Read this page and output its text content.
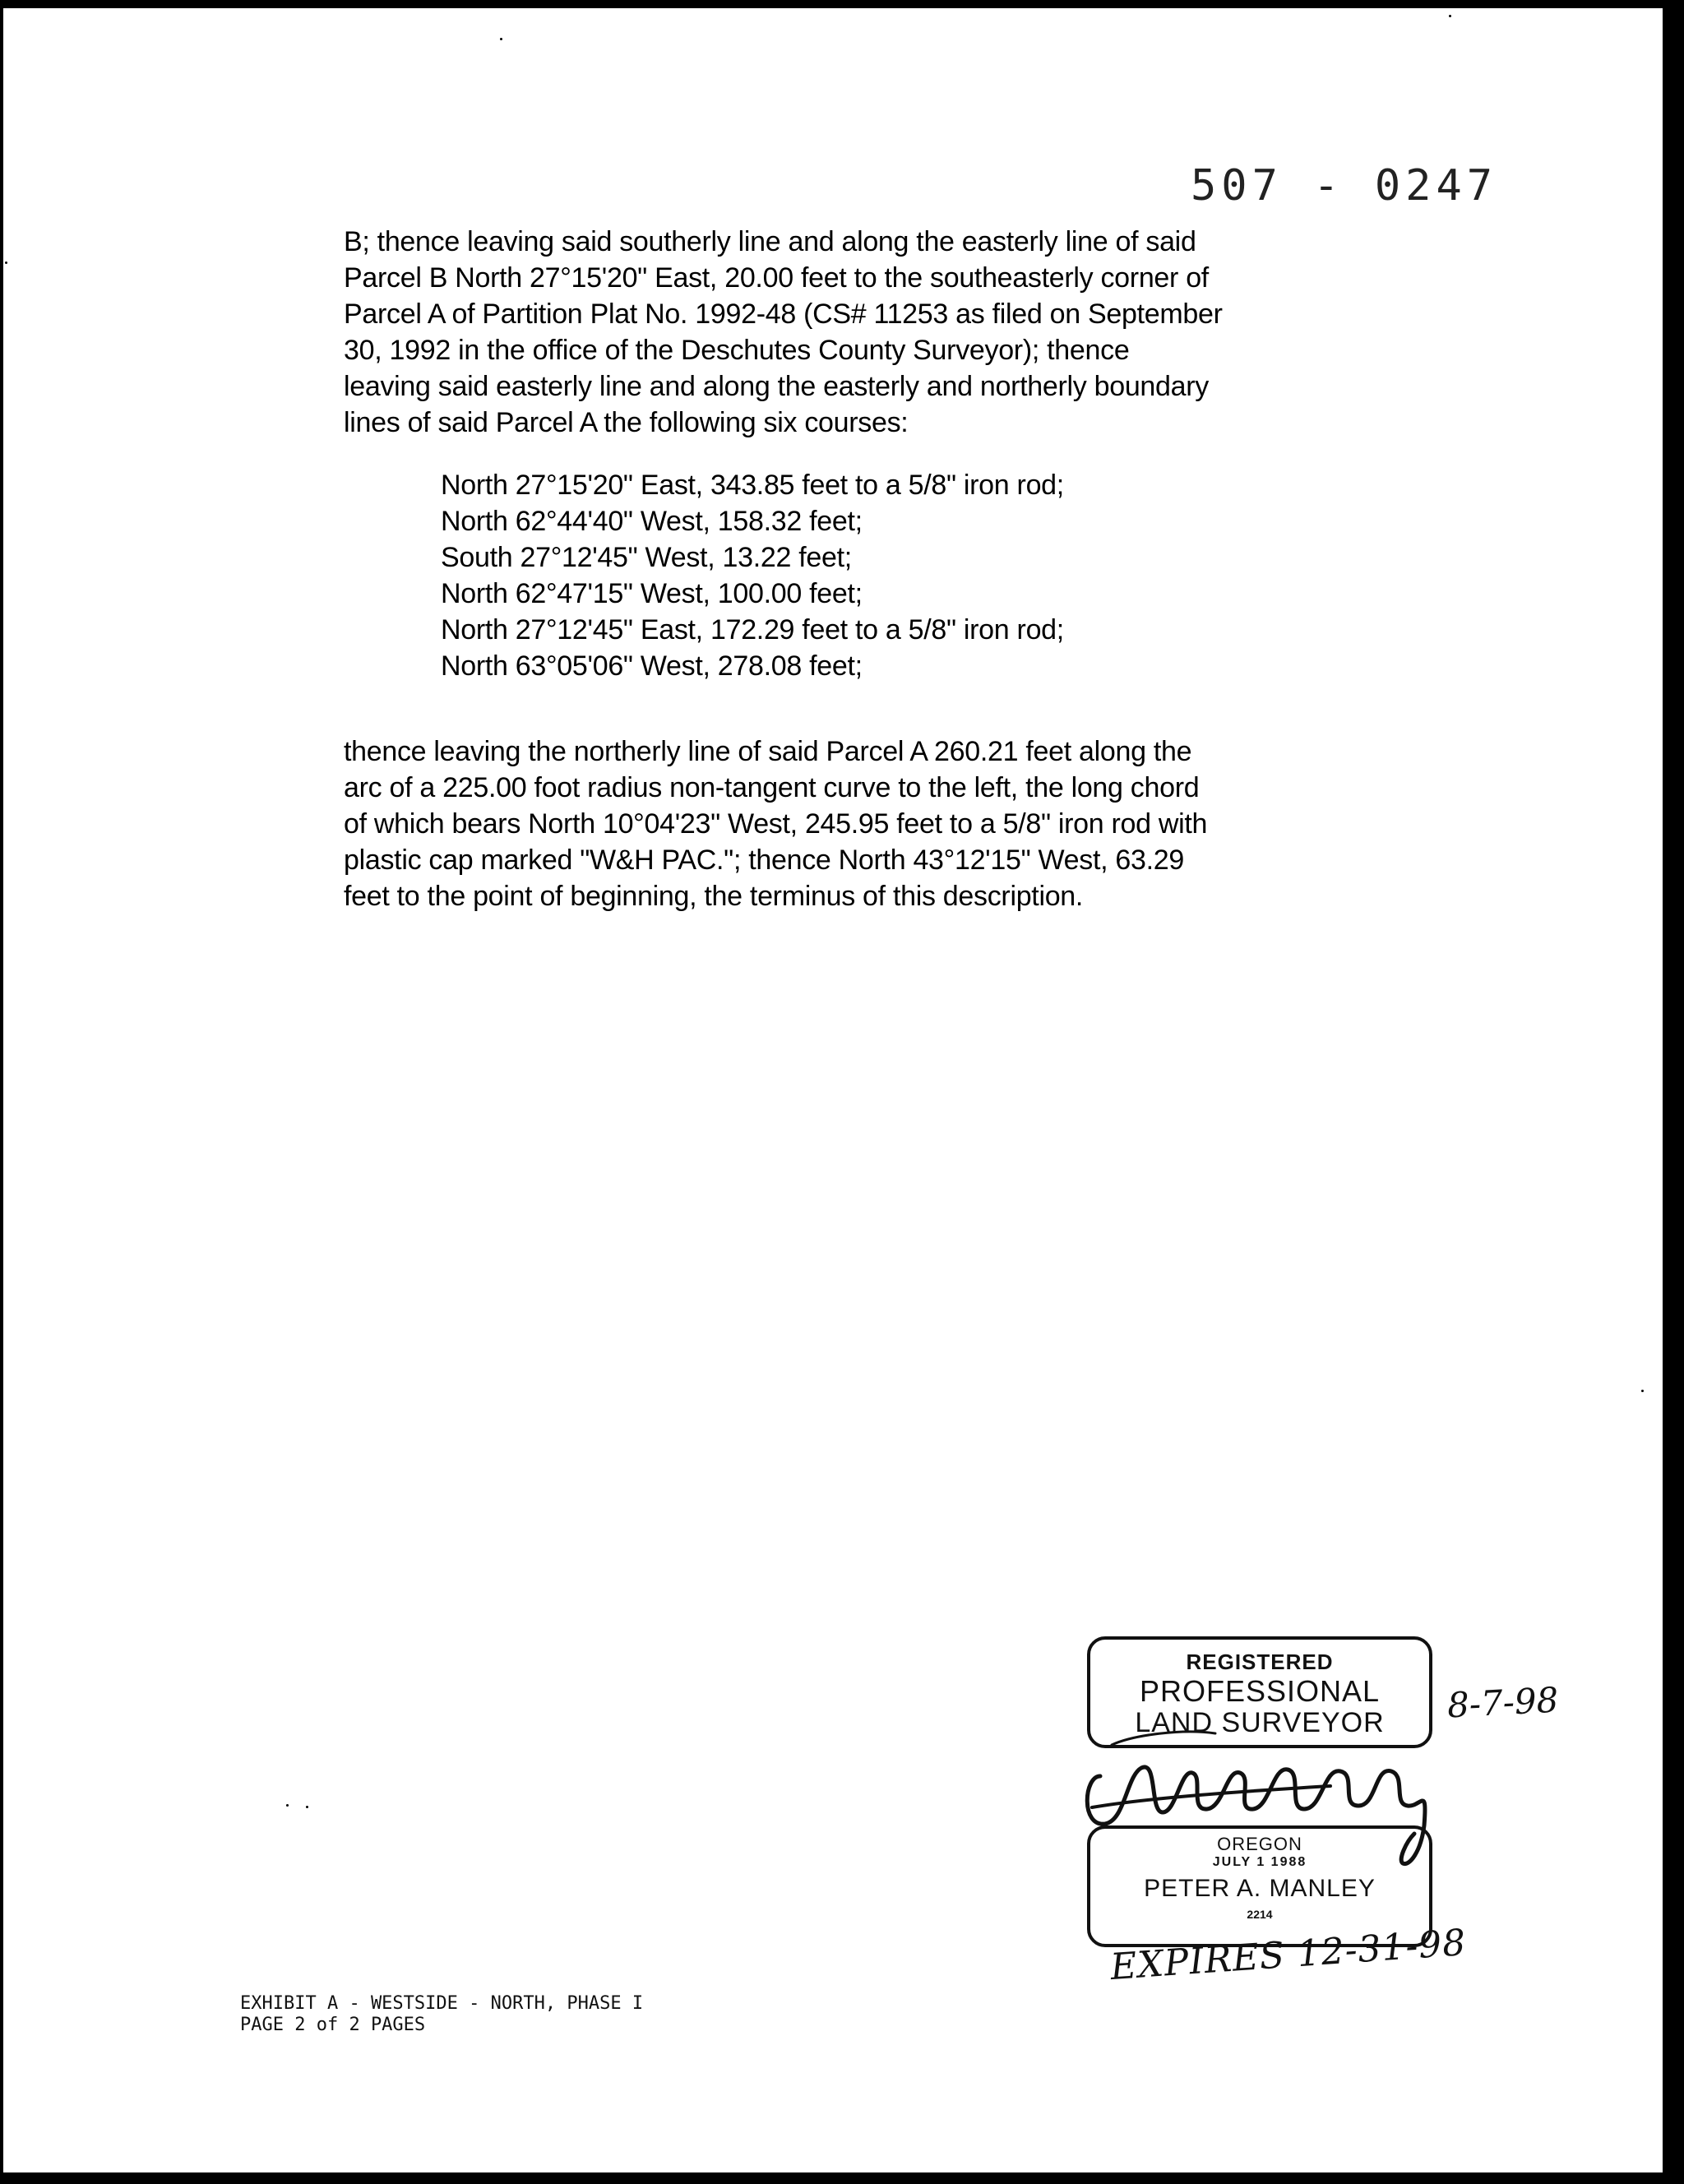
507 - 0247
B; thence leaving said southerly line and along the easterly line of said
Parcel B North 27°15'20" East, 20.00 feet to the southeasterly corner of
Parcel A of Partition Plat No. 1992-48 (CS# 11253 as filed on September
30, 1992 in the office of the Deschutes County Surveyor); thence
leaving said easterly line and along the easterly and northerly boundary
lines of said Parcel A the following six courses:
North 27°15'20" East, 343.85 feet to a 5/8" iron rod;
North 62°44'40" West, 158.32 feet;
South 27°12'45" West, 13.22 feet;
North 62°47'15" West, 100.00 feet;
North 27°12'45" East, 172.29 feet to a 5/8" iron rod;
North 63°05'06" West, 278.08 feet;
thence leaving the northerly line of said Parcel A 260.21 feet along the
arc of a 225.00 foot radius non-tangent curve to the left, the long chord
of which bears North 10°04'23" West, 245.95 feet to a 5/8" iron rod with
plastic cap marked "W&H PAC."; thence North 43°12'15" West, 63.29
feet to the point of beginning, the terminus of this description.
REGISTERED
PROFESSIONAL
LAND SURVEYOR
OREGON
JULY 1 1988
PETER A. MANLEY
2214
8-7-98
EXPIRES 12-31-98
EXHIBIT A - WESTSIDE - NORTH, PHASE I
PAGE 2 of 2 PAGES
